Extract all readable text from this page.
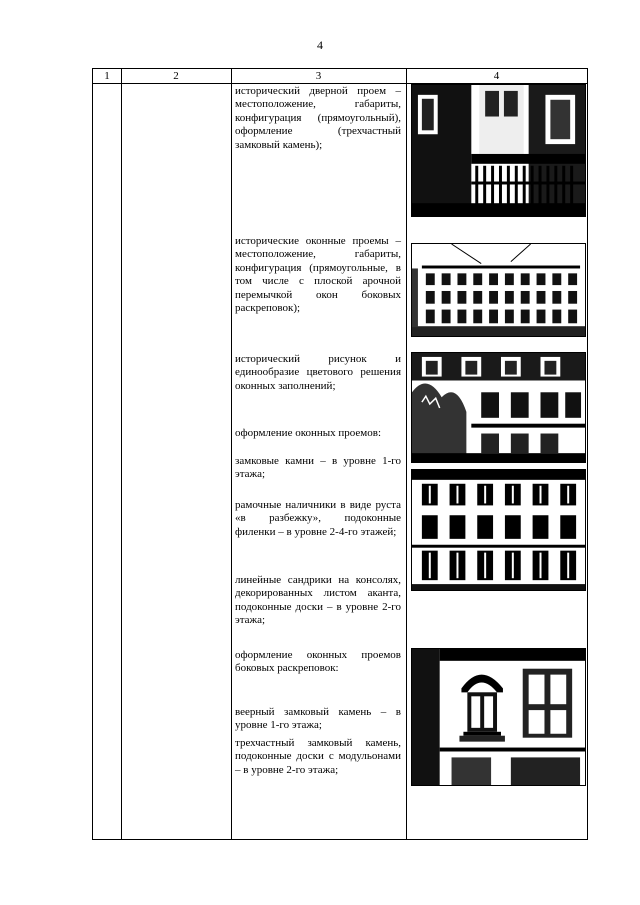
4
1	2	3	4
исторический дверной проем – местоположение, габариты, конфигурация (прямоугольный), оформление (трехчастный замковый камень);
исторические оконные проемы – местоположение, габариты, конфигурация (прямоугольные, в том числе с плоской арочной перемычкой окон боковых раскреповок);
исторический рисунок и единообразие цветового решения оконных заполнений;
оформление оконных проемов:
замковые камни – в уровне 1-го этажа;
рамочные наличники в виде руста «в разбежку», подоконные филенки – в уровне 2-4-го этажей;
линейные сандрики на консолях, декорированных листом аканта, подоконные доски – в уровне 2-го этажа;
оформление оконных проемов боковых раскреповок:
веерный замковый камень – в уровне 1-го этажа;
трехчастный замковый камень, подоконные доски с модульонами – в уровне 2-го этажа;
